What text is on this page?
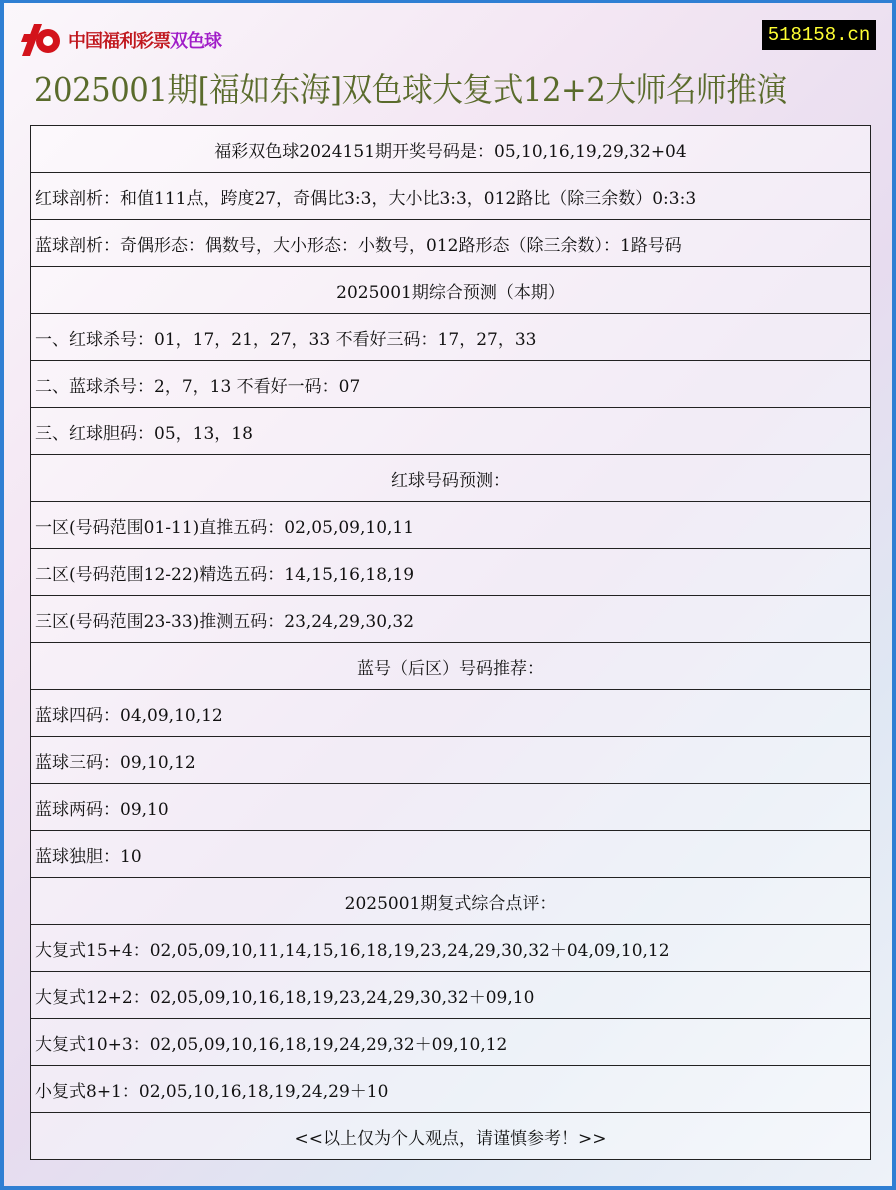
中国福利彩票双色球	518158.cn
2025001期[福如东海]双色球大复式12+2大师名师推演
福彩双色球2024151期开奖号码是：05,10,16,19,29,32+04
红球剖析：和值111点，跨度27，奇偶比3:3，大小比3:3，012路比（除三余数）0:3:3
蓝球剖析：奇偶形态：偶数号，大小形态：小数号，012路形态（除三余数）：1路号码
2025001期综合预测（本期）
一、红球杀号：01，17，21，27，33 不看好三码：17，27，33
二、蓝球杀号：2，7，13 不看好一码：07
三、红球胆码：05，13，18
红球号码预测：
一区(号码范围01-11)直推五码：02,05,09,10,11
二区(号码范围12-22)精选五码：14,15,16,18,19
三区(号码范围23-33)推测五码：23,24,29,30,32
蓝号（后区）号码推荐：
蓝球四码：04,09,10,12
蓝球三码：09,10,12
蓝球两码：09,10
蓝球独胆：10
2025001期复式综合点评：
大复式15+4：02,05,09,10,11,14,15,16,18,19,23,24,29,30,32＋04,09,10,12
大复式12+2：02,05,09,10,16,18,19,23,24,29,30,32＋09,10
大复式10+3：02,05,09,10,16,18,19,24,29,32＋09,10,12
小复式8+1：02,05,10,16,18,19,24,29＋10
<<以上仅为个人观点，请谨慎参考！>>
